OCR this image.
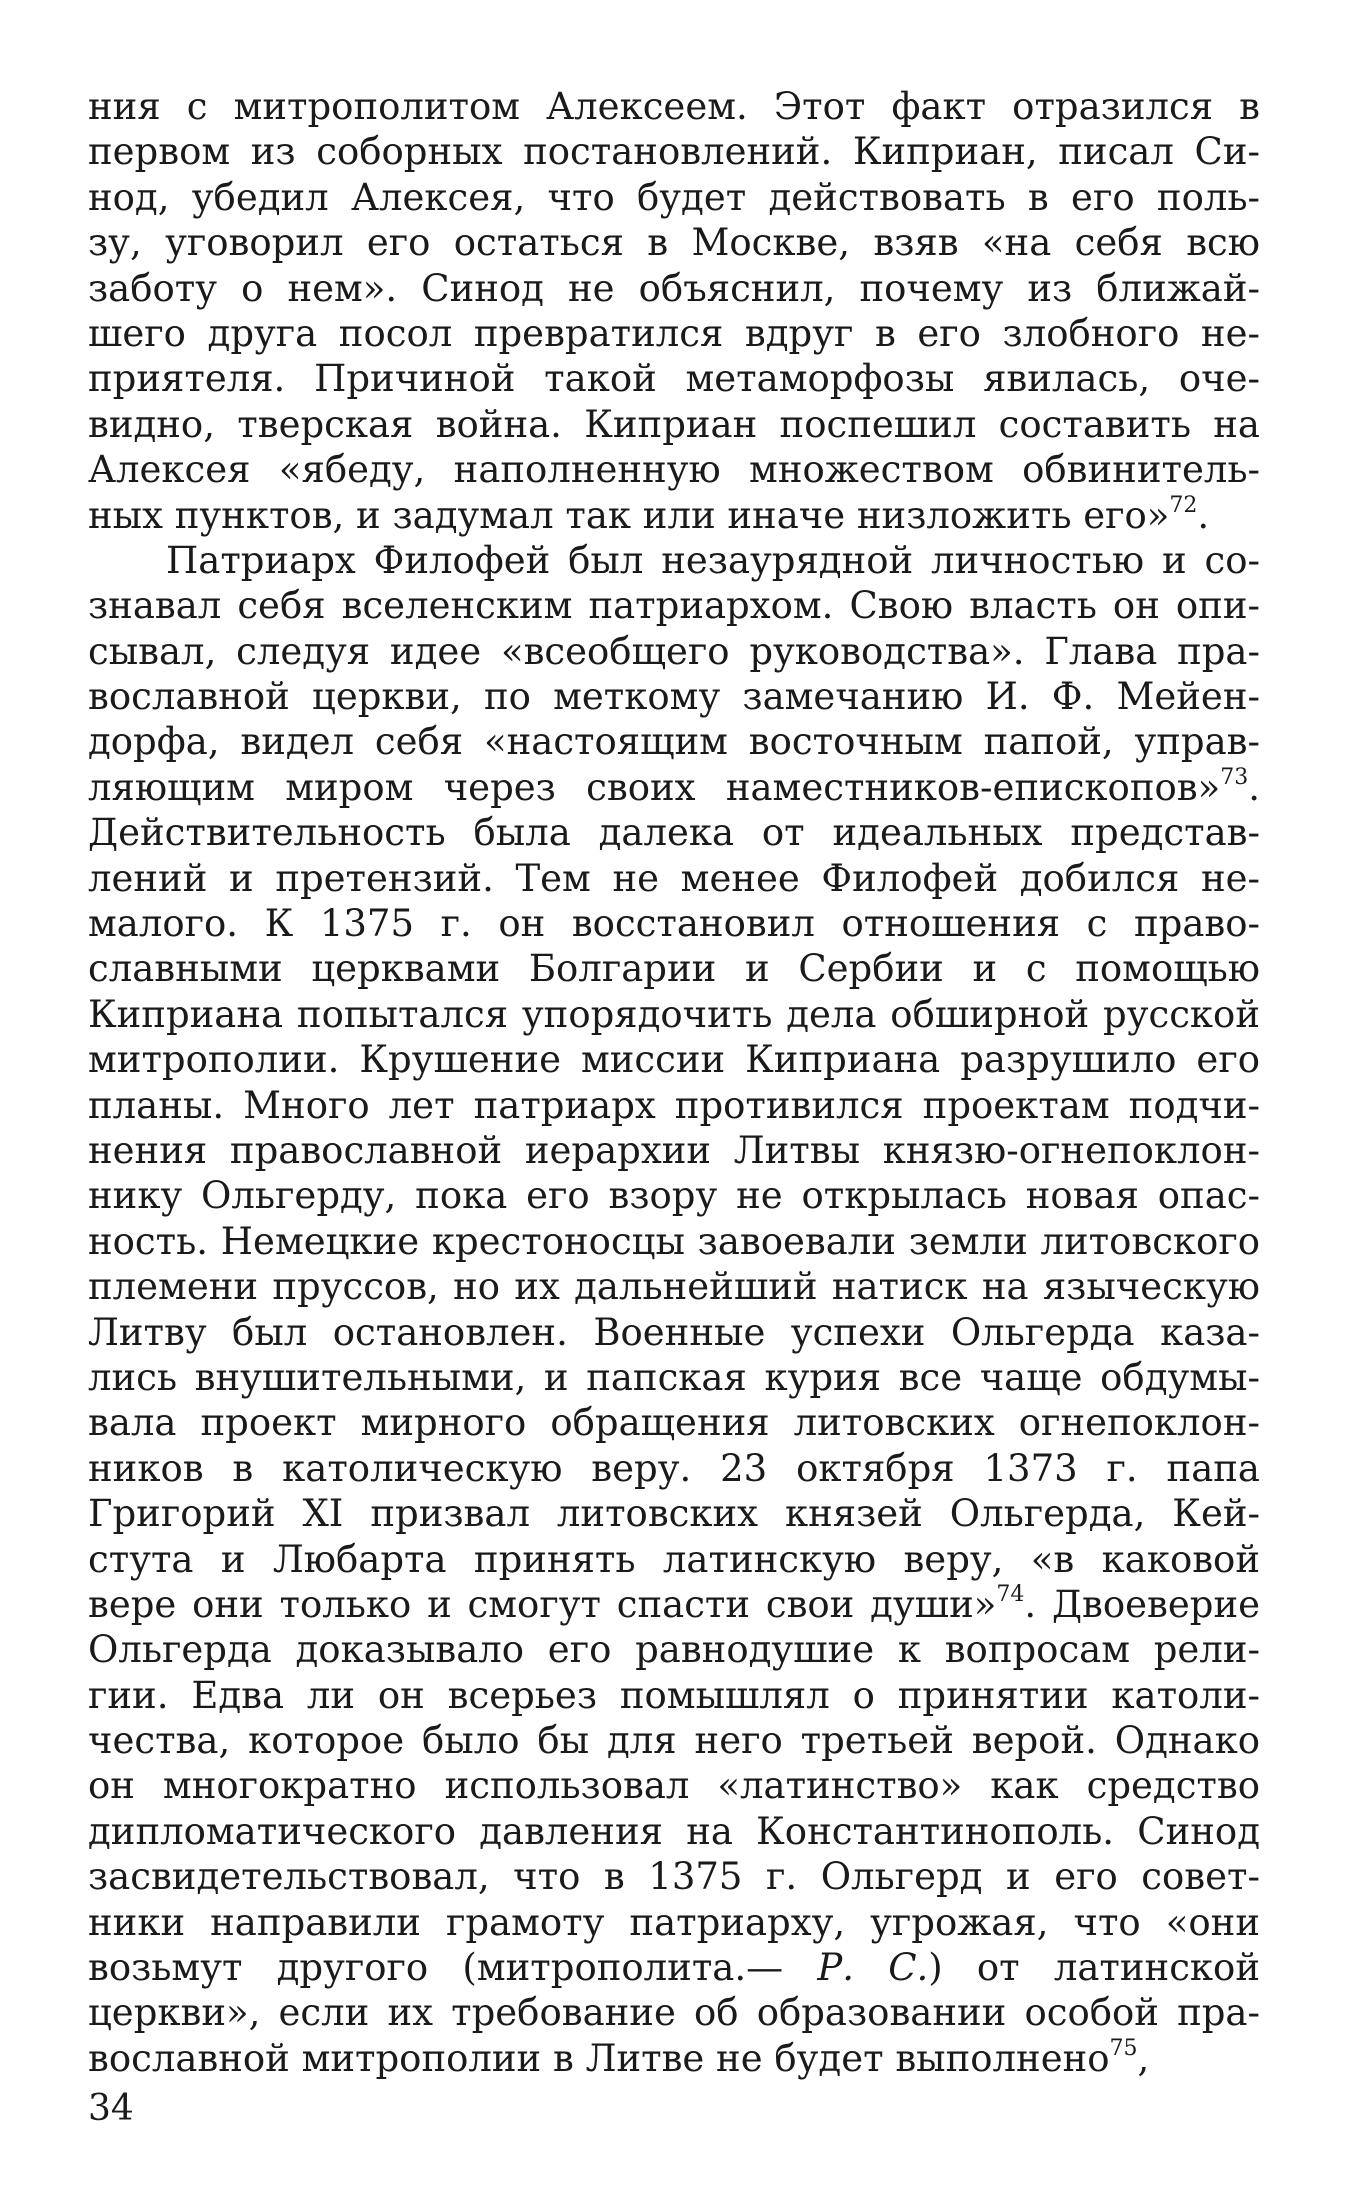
ния с митрополитом Алексеем. Этот факт отразился в
первом из соборных постановлений. Киприан, писал Си-
нод, убедил Алексея, что будет действовать в его поль-
зу, уговорил его остаться в Москве, взяв «на себя всю
заботу о нем». Синод не объяснил, почему из ближай-
шего друга посол превратился вдруг в его злобного не-
приятеля. Причиной такой метаморфозы явилась, оче-
видно, тверская война. Киприан поспешил составить на
Алексея «ябеду, наполненную множеством обвинитель-
ных пунктов, и задумал так или иначе низложить его»$^{72}$.
Патриарх Филофей был незаурядной личностью и со-
знавал себя вселенским патриархом. Свою власть он опи-
сывал, следуя идее «всеобщего руководства». Глава пра-
вославной церкви, по меткому замечанию И. Ф. Мейен-
дорфа, видел себя «настоящим восточным папой, управ-
ляющим миром через своих наместников-епископов»$^{73}$.
Действительность была далека от идеальных представ-
лений и претензий. Тем не менее Филофей добился не-
малого. К 1375 г. он восстановил отношения с право-
славными церквами Болгарии и Сербии и с помощью
Киприана попытался упорядочить дела обширной русской
митрополии. Крушение миссии Киприана разрушило его
планы. Много лет патриарх противился проектам подчи-
нения православной иерархии Литвы князю-огнепоклон-
нику Ольгерду, пока его взору не открылась новая опас-
ность. Немецкие крестоносцы завоевали земли литовского
племени пруссов, но их дальнейший натиск на языческую
Литву был остановлен. Военные успехи Ольгерда каза-
лись внушительными, и папская курия все чаще обдумы-
вала проект мирного обращения литовских огнепоклон-
ников в католическую веру. 23 октября 1373 г. папа
Григорий XI призвал литовских князей Ольгерда, Кей-
стута и Любарта принять латинскую веру, «в каковой
вере они только и смогут спасти свои души»$^{74}$. Двоеверие
Ольгерда доказывало его равнодушие к вопросам рели-
гии. Едва ли он всерьез помышлял о принятии католи-
чества, которое было бы для него третьей верой. Однако
он многократно использовал «латинство» как средство
дипломатического давления на Константинополь. Синод
засвидетельствовал, что в 1375 г. Ольгерд и его совет-
ники направили грамоту патриарху, угрожая, что «они
возьмут другого (митрополита.— Р. С.) от латинской
церкви», если их требование об образовании особой пра-
вославной митрополии в Литве не будет выполнено$^{75}$,
34
